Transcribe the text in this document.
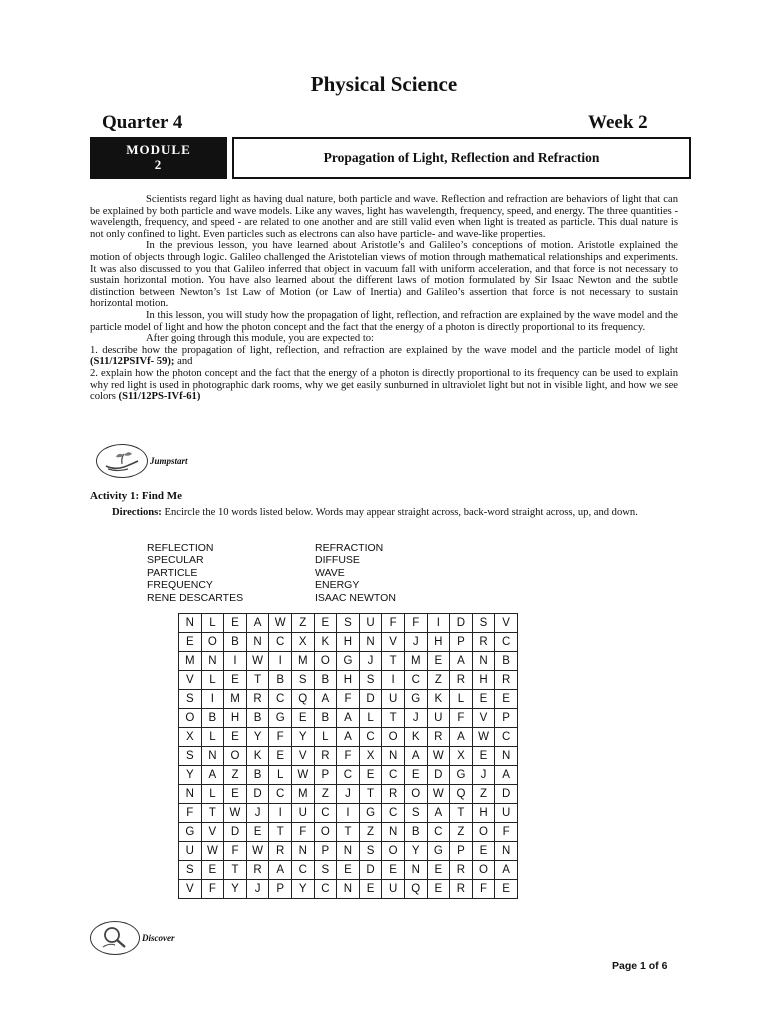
Physical Science
Quarter 4	Week 2
MODULE
2	Propagation of Light, Reflection and Refraction

Scientists regard light as having dual nature, both particle and wave. Reflection and refraction are behaviors of light that can be explained by both particle and wave models. Like any waves, light has wavelength, frequency, speed, and energy. The three quantities - wavelength, frequency, and speed - are related to one another and are still valid even when light is treated as particle. This dual nature is not only confined to light. Even particles such as electrons can also have particle- and wave-like properties.

In the previous lesson, you have learned about Aristotle’s and Galileo’s conceptions of motion. Aristotle explained the motion of objects through logic. Galileo challenged the Aristotelian views of motion through mathematical relationships and experiments. It was also discussed to you that Galileo inferred that object in vacuum fall with uniform acceleration, and that force is not necessary to sustain horizontal motion. You have also learned about the different laws of motion formulated by Sir Isaac Newton and the subtle distinction between Newton’s 1st Law of Motion (or Law of Inertia) and Galileo’s assertion that force is not necessary to sustain horizontal motion.

In this lesson, you will study how the propagation of light, reflection, and refraction are explained by the wave model and the particle model of light and how the photon concept and the fact that the energy of a photon is directly proportional to its frequency.

After going through this module, you are expected to:

1. describe how the propagation of light, reflection, and refraction are explained by the wave model and the particle model of light (S11/12PSIVf- 59); and

2. explain how the photon concept and the fact that the energy of a photon is directly proportional to its frequency can be used to explain why red light is used in photographic dark rooms, why we get easily sunburned in ultraviolet light but not in visible light, and how we see colors (S11/12PS-IVf-61)

Jumpstart
Activity 1: Find Me
Directions: Encircle the 10 words listed below. Words may appear straight across, back-word straight across, up, and down.
REFLECTION	REFRACTION
SPECULAR	DIFFUSE
PARTICLE	WAVE
FREQUENCY	ENERGY
RENE DESCARTES	ISAAC NEWTON
N	L	E	A	W	Z	E	S	U	F	F	I	D	S	V
E	O	B	N	C	X	K	H	N	V	J	H	P	R	C
M	N	I	W	I	M	O	G	J	T	M	E	A	N	B
V	L	E	T	B	S	B	H	S	I	C	Z	R	H	R
S	I	M	R	C	Q	A	F	D	U	G	K	L	E	E
O	B	H	B	G	E	B	A	L	T	J	U	F	V	P
X	L	E	Y	F	Y	L	A	C	O	K	R	A	W	C
S	N	O	K	E	V	R	F	X	N	A	W	X	E	N
Y	A	Z	B	L	W	P	C	E	C	E	D	G	J	A
N	L	E	D	C	M	Z	J	T	R	O	W	Q	Z	D
F	T	W	J	I	U	C	I	G	C	S	A	T	H	U
G	V	D	E	T	F	O	T	Z	N	B	C	Z	O	F
U	W	F	W	R	N	P	N	S	O	Y	G	P	E	N
S	E	T	R	A	C	S	E	D	E	N	E	R	O	A
V	F	Y	J	P	Y	C	N	E	U	Q	E	R	F	E
Discover
Page 1 of 6
